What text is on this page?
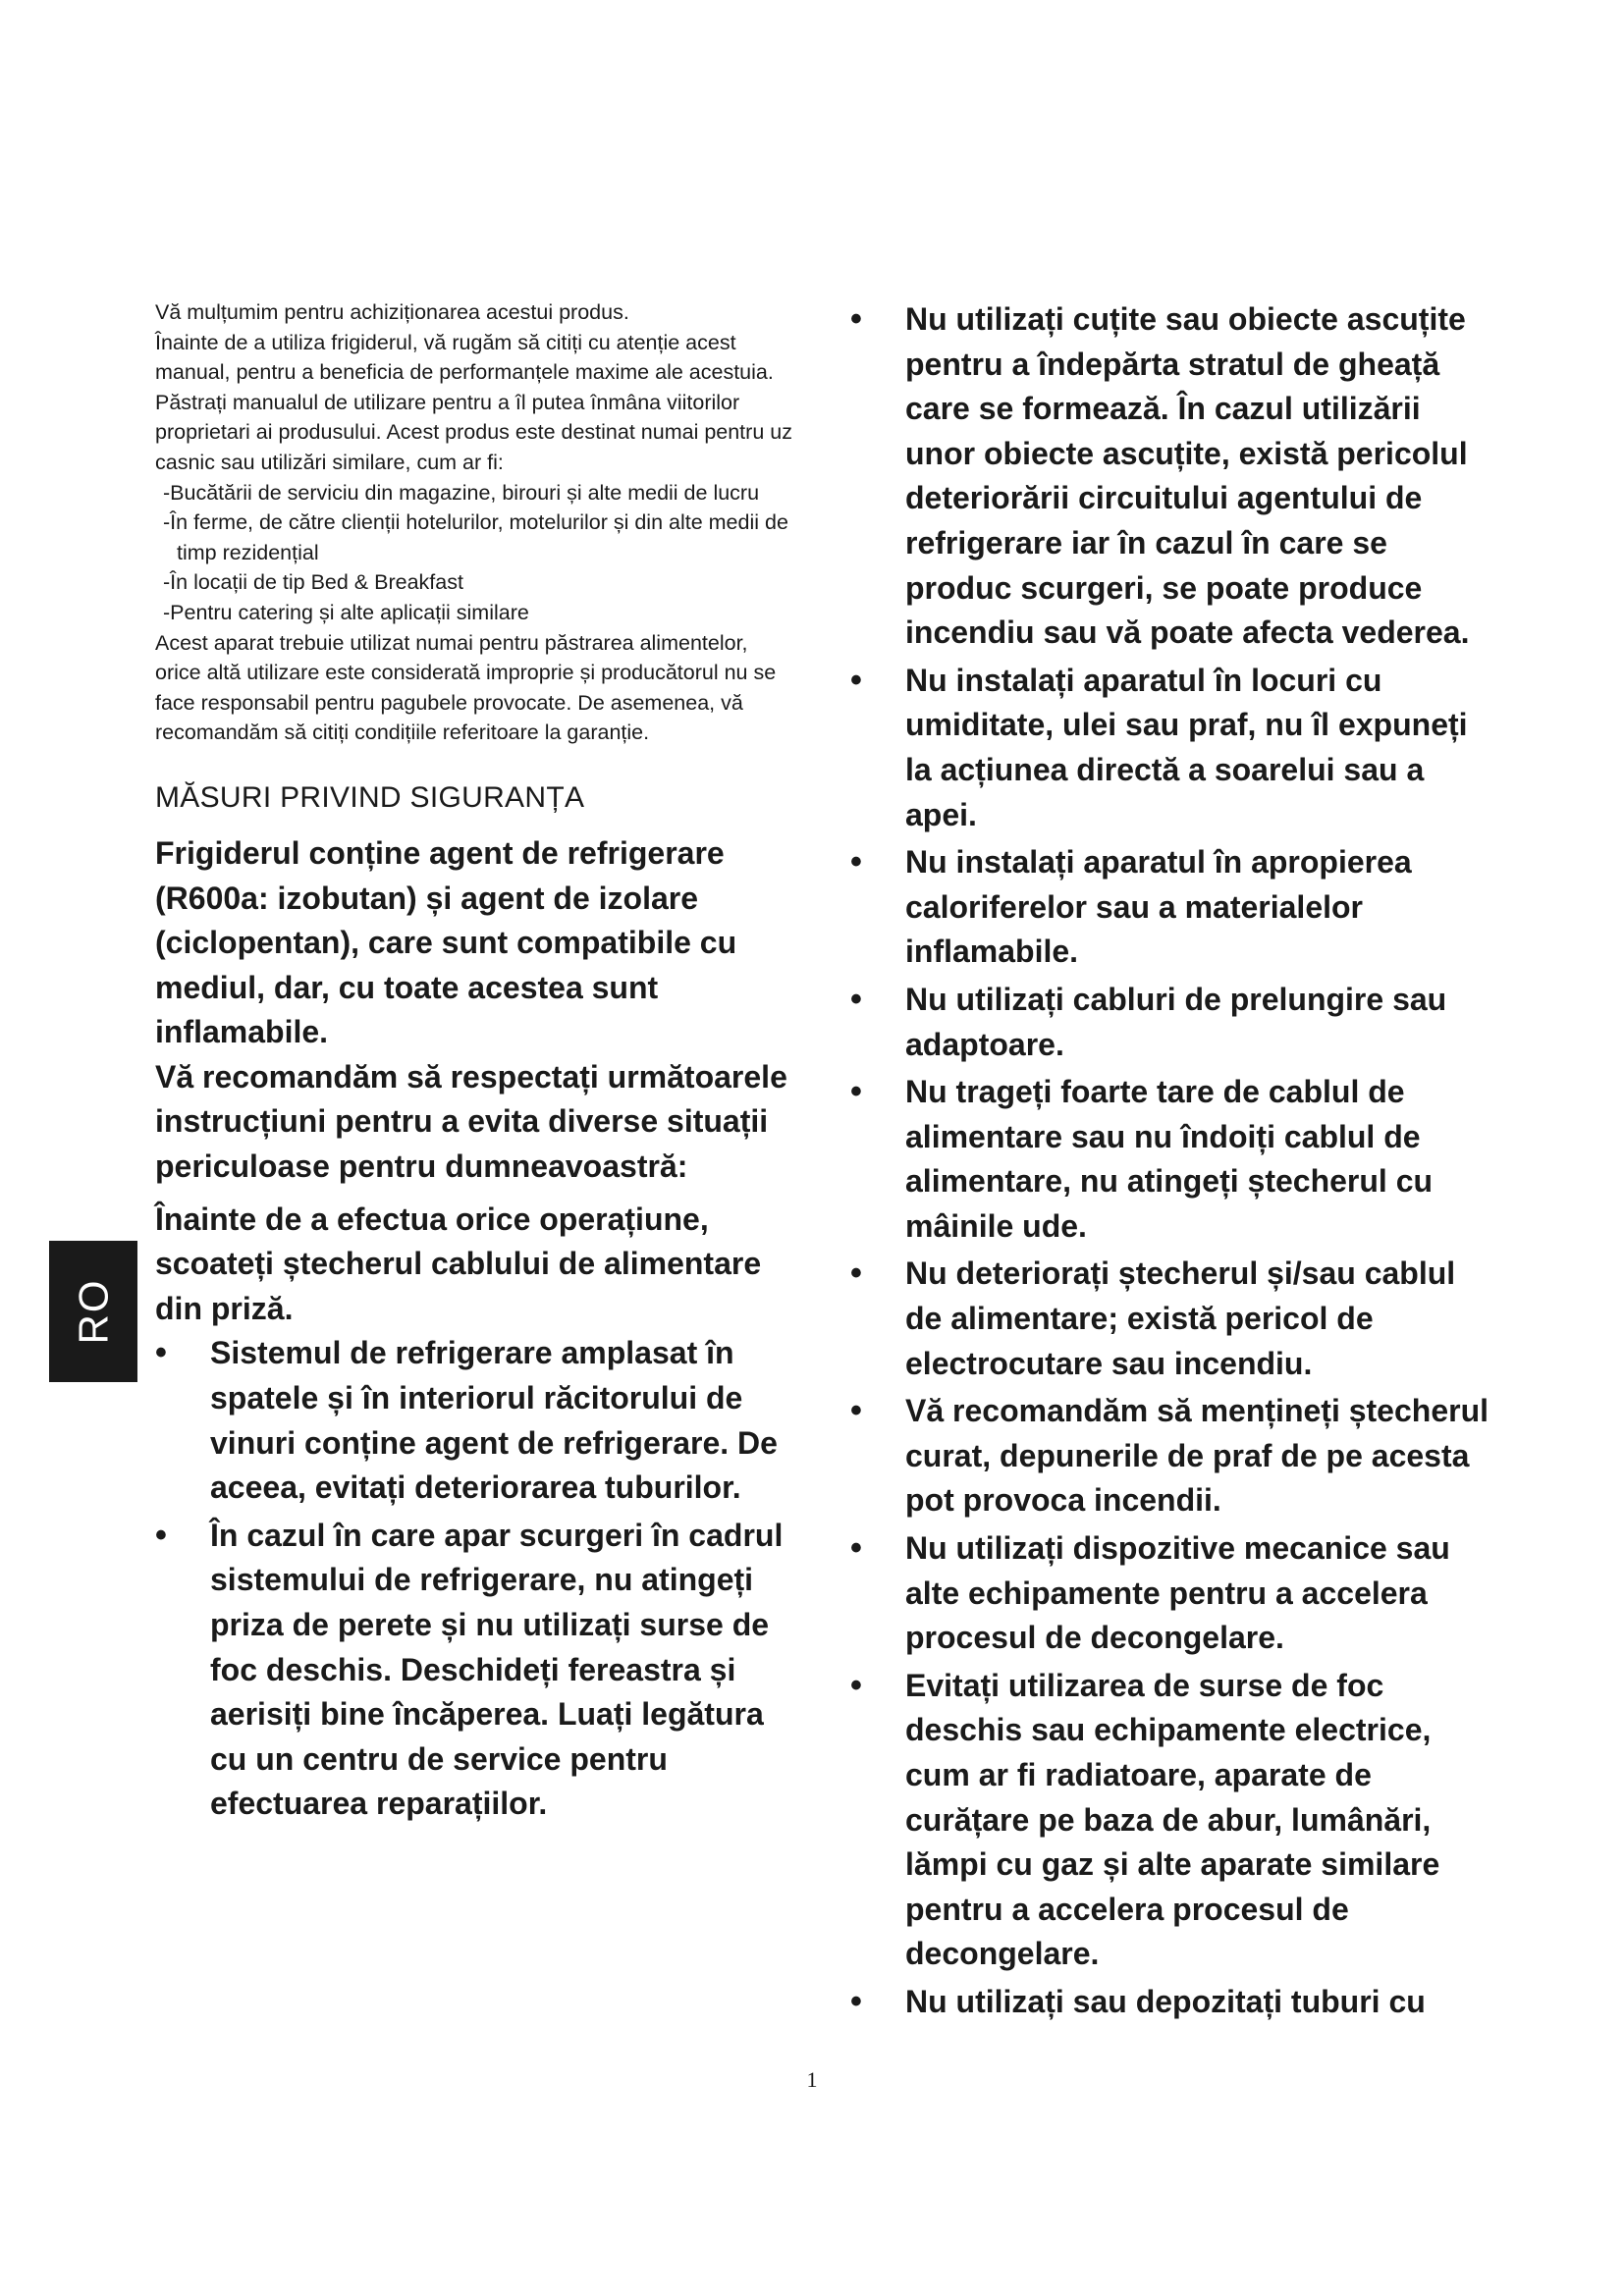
RO

Vă mulțumim pentru achiziționarea acestui produs.

Înainte de a utiliza frigiderul, vă rugăm să citiți cu atenție acest manual, pentru a beneficia de performanțele maxime ale acestuia. Păstrați manualul de utilizare pentru a îl putea înmâna viitorilor proprietari ai produsului. Acest produs este destinat numai pentru uz casnic sau utilizări similare, cum ar fi:

-Bucătării de serviciu din magazine, birouri și alte medii de lucru

-În ferme, de către clienții hotelurilor, motelurilor și din alte medii de timp rezidențial

-În locații de tip Bed & Breakfast

-Pentru catering și alte aplicații similare

Acest aparat trebuie utilizat numai pentru păstrarea alimentelor, orice altă utilizare este considerată improprie și producătorul nu se face responsabil pentru pagubele provocate. De asemenea, vă recomandăm să citiți condițiile referitoare la garanție.

MĂSURI PRIVIND SIGURANȚA

Frigiderul conține agent de refrigerare (R600a: izobutan) și agent de izolare (ciclopentan), care sunt compatibile cu mediul, dar, cu toate acestea sunt inflamabile.

Vă recomandăm să respectați următoarele instrucțiuni pentru a evita diverse situații periculoase pentru dumneavoastră:

Înainte de a efectua orice operațiune, scoateți ștecherul cablului de alimentare din priză.

• Sistemul de refrigerare amplasat în spatele și în interiorul răcitorului de vinuri conține agent de refrigerare. De aceea, evitați deteriorarea tuburilor.
• În cazul în care apar scurgeri în cadrul sistemului de refrigerare, nu atingeți priza de perete și nu utilizați surse de foc deschis. Deschideți fereastra și aerisiți bine încăperea. Luați legătura cu un centru de service pentru efectuarea reparațiilor.
• Nu utilizați cuțite sau obiecte ascuțite pentru a îndepărta stratul de gheață care se formează. În cazul utilizării unor obiecte ascuțite, există pericolul deteriorării circuitului agentului de refrigerare iar în cazul în care se produc scurgeri, se poate produce incendiu sau vă poate afecta vederea.
• Nu instalați aparatul în locuri cu umiditate, ulei sau praf, nu îl expuneți la acțiunea directă a soarelui sau a apei.
• Nu instalați aparatul în apropierea caloriferelor sau a materialelor inflamabile.
• Nu utilizați cabluri de prelungire sau adaptoare.
• Nu trageți foarte tare de cablul de alimentare sau nu îndoiți cablul de alimentare, nu atingeți ștecherul cu mâinile ude.
• Nu deteriorați ștecherul și/sau cablul de alimentare; există pericol de electrocutare sau incendiu.
• Vă recomandăm să mențineți ștecherul curat, depunerile de praf de pe acesta pot provoca incendii.
• Nu utilizați dispozitive mecanice sau alte echipamente pentru a accelera procesul de decongelare.
• Evitați utilizarea de surse de foc deschis sau echipamente electrice, cum ar fi radiatoare, aparate de curățare pe baza de abur, lumânări, lămpi cu gaz și alte aparate similare pentru a accelera procesul de decongelare.
• Nu utilizați sau depozitați tuburi cu
1
